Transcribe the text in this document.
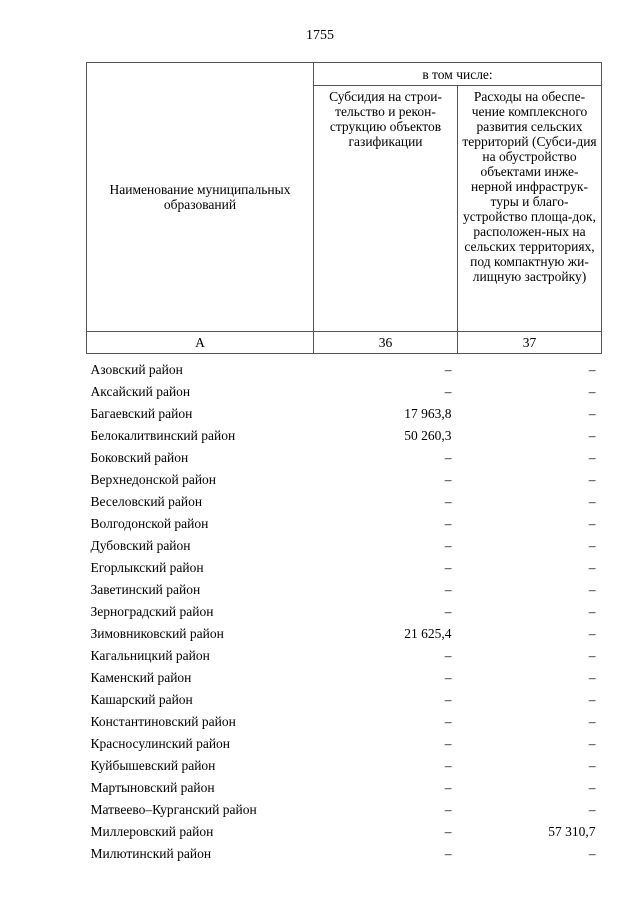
1755
Наименование муниципальных образований	в том числе:	
	Субсидия на строи-тельство и рекон-струкцию объектов газификации	Расходы на обеспе-чение комплексного развития сельских территорий (Субси-дия на обустройство объектами инже-нерной инфраструк-туры и благо-устройство площа-док, расположен-ных на сельских территориях, под компактную жи-лищную застройку)
А	36	37
Азовский район	–	–
Аксайский район	–	–
Багаевский район	17 963,8	–
Белокалитвинский район	50 260,3	–
Боковский район	–	–
Верхнедонской район	–	–
Веселовский район	–	–
Волгодонской район	–	–
Дубовский район	–	–
Егорлыкский район	–	–
Заветинский район	–	–
Зерноградский район	–	–
Зимовниковский район	21 625,4	–
Кагальницкий район	–	–
Каменский район	–	–
Кашарский район	–	–
Константиновский район	–	–
Красносулинский район	–	–
Куйбышевский район	–	–
Мартыновский район	–	–
Матвеево–Курганский район	–	–
Миллеровский район	–	57 310,7
Милютинский район	–	–
